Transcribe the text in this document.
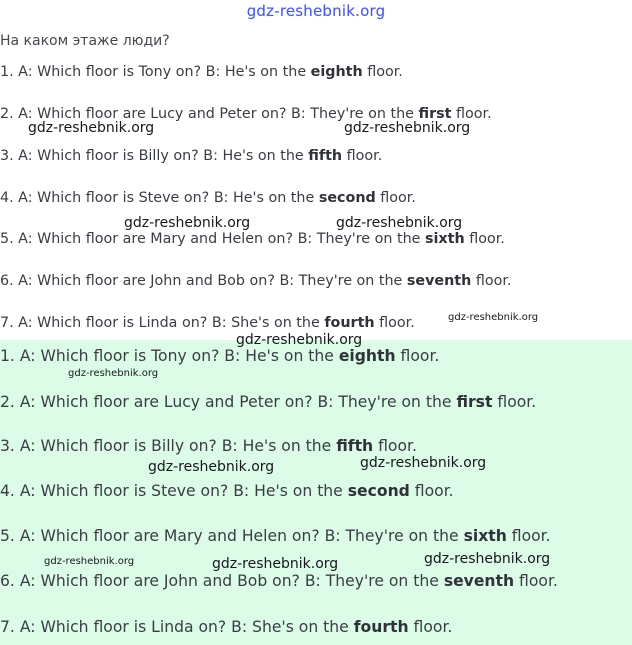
gdz-reshebnik.org
На каком этаже люди?
1. A: Which floor is Tony on? B: He's on the eighth floor.
2. A: Which floor are Lucy and Peter on? B: They're on the first floor.
3. A: Which floor is Billy on? B: He's on the fifth floor.
4. A: Which floor is Steve on? B: He's on the second floor.
5. A: Which floor are Mary and Helen on? B: They're on the sixth floor.
6. A: Which floor are John and Bob on? B: They're on the seventh floor.
7. A: Which floor is Linda on? B: She's on the fourth floor.
1. A: Which floor is Tony on? B: He's on the eighth floor.
2. A: Which floor are Lucy and Peter on? B: They're on the first floor.
3. A: Which floor is Billy on? B: He's on the fifth floor.
4. A: Which floor is Steve on? B: He's on the second floor.
5. A: Which floor are Mary and Helen on? B: They're on the sixth floor.
6. A: Which floor are John and Bob on? B: They're on the seventh floor.
7. A: Which floor is Linda on? B: She's on the fourth floor.
gdz-reshebnik.org	gdz-reshebnik.org
gdz-reshebnik.org	gdz-reshebnik.org
gdz-reshebnik.org
gdz-reshebnik.org
gdz-reshebnik.org
gdz-reshebnik.org	gdz-reshebnik.org
gdz-reshebnik.org	gdz-reshebnik.org	gdz-reshebnik.org
